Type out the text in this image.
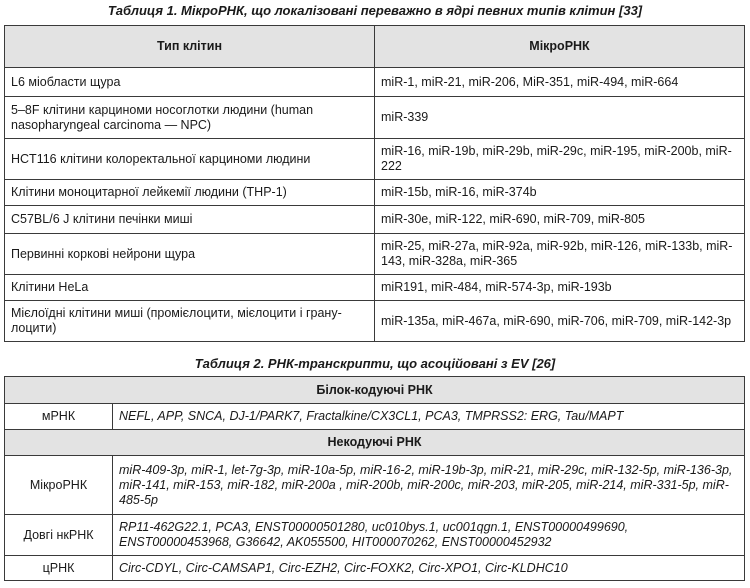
Таблиця 1. МікроРНК, що локалізовані переважно в ядрі певних типів клітин [33]
Тип клітин	МікроРНК
L6 міобласти щура	miR-1, miR-21, miR-206, MiR-351, miR-494, miR-664
5–8F клітини карциноми носоглотки людини (human nasopharyngeal carcinoma — NPC)	miR-339
HCT116 клітини колоректальної карциноми людини	miR-16, miR-19b, miR-29b, miR-29c, miR-195, miR-200b, miR-222
Клітини моноцитарної лейкемії людини (THP-1)	miR-15b, miR-16, miR-374b
C57BL/6 J клітини печінки миші	miR-30e, miR-122, miR-690, miR-709, miR-805
Первинні коркові нейрони щура	miR-25, miR-27a, miR-92a, miR-92b, miR-126, miR-133b, miR-143, miR-328a, miR-365
Клітини HeLa	miR191, miR-484, miR-574-3p, miR-193b
Мієлоїдні клітини миші (промієлоцити, мієлоцити і грану-лоцити)	miR-135a, miR-467a, miR-690, miR-706, miR-709, miR-142-3p
Таблиця 2. РНК-транскрипти, що асоційовані з EV [26]
Білок-кодуючі РНК	
мРНК	NEFL, APP, SNCA, DJ-1/PARK7, Fractalkine/CX3CL1, PCA3, TMPRSS2: ERG, Tau/MAPT
Некодуючі РНК	
МікроРНК	miR-409-3p, miR-1, let-7g-3p, miR-10a-5p, miR-16-2, miR-19b-3p, miR-21, miR-29c, miR-132-5p, miR-136-3p, miR-141, miR-153, miR-182, miR-200a , miR-200b, miR-200c, miR-203, miR-205, miR-214, miR-331-5p, miR-485-5p
Довгі нкРНК	RP11-462G22.1, PCA3, ENST00000501280, uc010bys.1, uc001qgn.1, ENST00000499690, ENST00000453968, G36642, AK055500, HIT000070262, ENST00000452932
цРНК	Circ-CDYL, Circ-CAMSAP1, Circ-EZH2, Circ-FOXK2, Circ-XPO1, Circ-KLDHC10
